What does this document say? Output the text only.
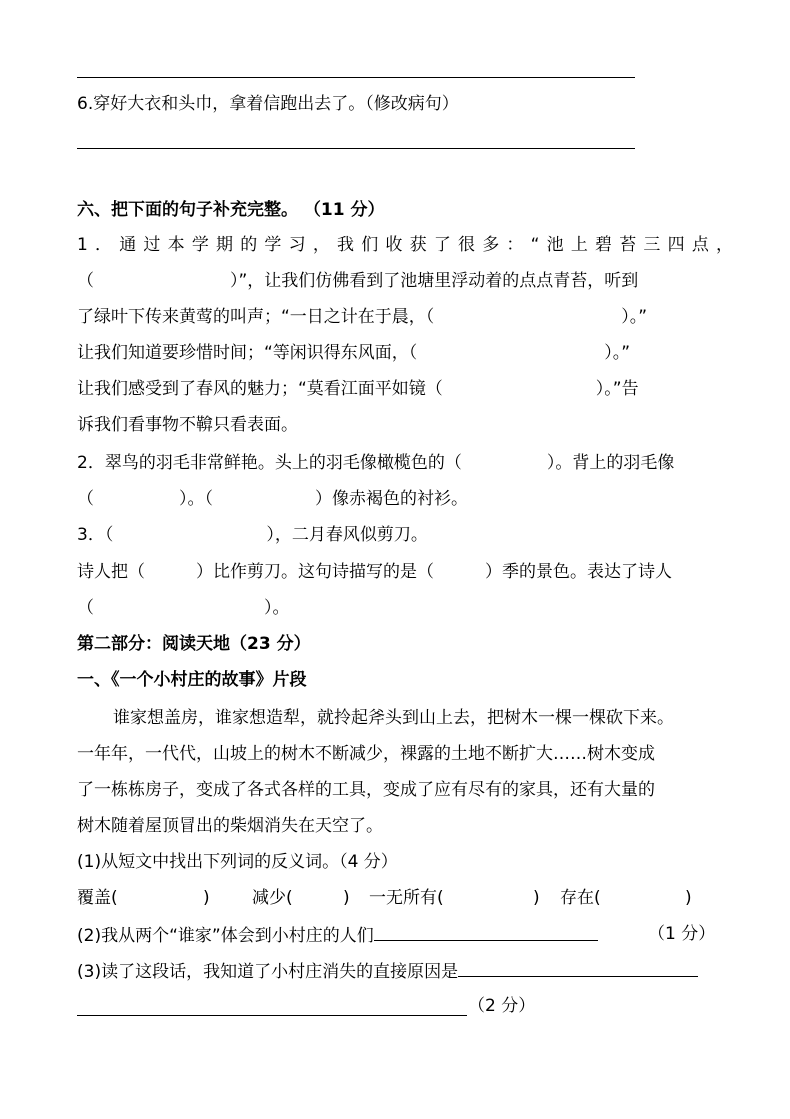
6.穿好大衣和头巾，拿着信跑出去了。（修改病句）
六、把下面的句子补充完整。 （11 分）
1．通过本学期的学习，我们收获了很多：“池上碧苔三四点，
（　　　　　　　　）”，让我们仿佛看到了池塘里浮动着的点点青苔，听到
了绿叶下传来黄莺的叫声；“一日之计在于晨，（　　　　　　　　　　　）。”
让我们知道要珍惜时间；“等闲识得东风面，（　　　　　　　　　　　）。”
让我们感受到了春风的魅力；“莫看江面平如镜（　　　　　　　　　）。”告
诉我们看事物不鞥只看表面。
2．翠鸟的羽毛非常鲜艳。头上的羽毛像橄榄色的（　　　　　）。背上的羽毛像
（　　　　　）。（　　　　　　）像赤褐色的衬衫。
3．（　　　　　　　　　），二月春风似剪刀。
诗人把（　　　）比作剪刀。这句诗描写的是（　　　）季的景色。表达了诗人
（　　　　　　　　　　）。
第二部分：阅读天地（23 分）
一、《一个小村庄的故事》片段
谁家想盖房，谁家想造犁，就拎起斧头到山上去，把树木一棵一棵砍下来。
一年年，一代代，山坡上的树木不断减少，裸露的土地不断扩大……树木变成
了一栋栋房子，变成了各式各样的工具，变成了应有尽有的家具，还有大量的
树木随着屋顶冒出的柴烟消失在天空了。
(1)从短文中找出下列词的反义词。（4 分）
覆盖(	) 减少(	) 一无所有(	) 存在(	)
(2)我从两个“谁家”体会到小村庄的人们	（1 分）
(3)读了这段话，我知道了小村庄消失的直接原因是
（2 分）
